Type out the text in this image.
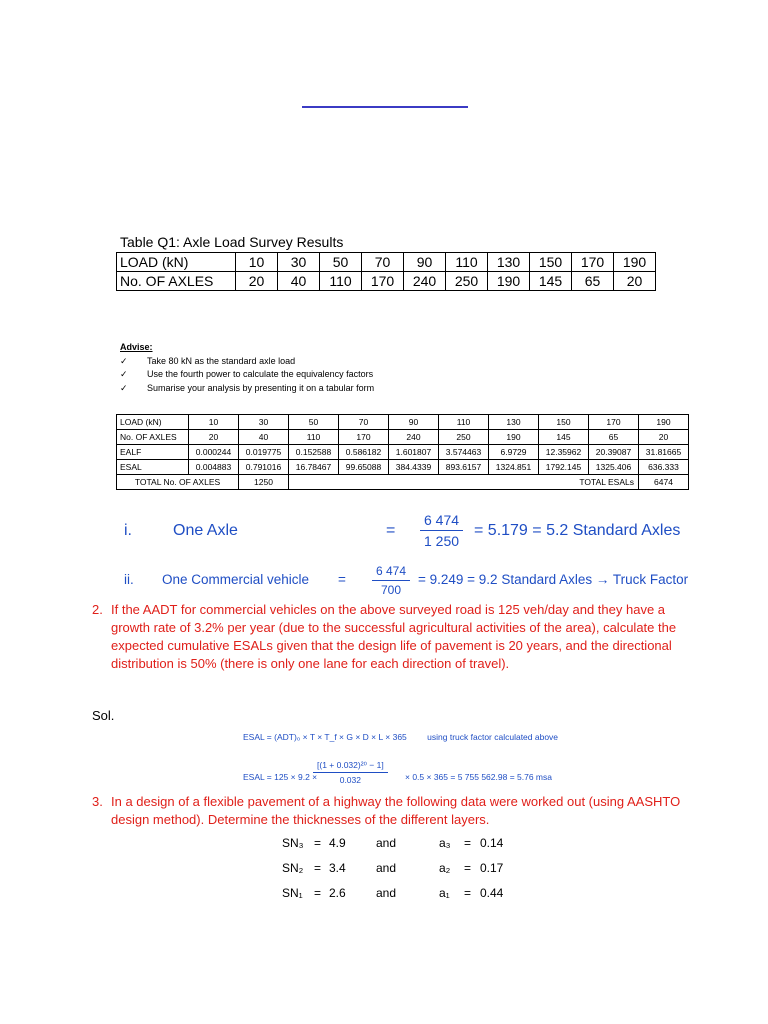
Table Q1: Axle Load Survey Results
LOAD (kN)	10	30	50	70	90	110	130	150	170	190
No. OF AXLES	20	40	110	170	240	250	190	145	65	20
Advise:
✓ Take 80 kN as the standard axle load
✓ Use the fourth power to calculate the equivalency factors
✓ Sumarise your analysis by presenting it on a tabular form
LOAD (kN)	10	30	50	70	90	110	130	150	170	190
No. OF AXLES	20	40	110	170	240	250	190	145	65	20
EALF	0.000244	0.019775	0.152588	0.586182	1.601807	3.574463	6.9729	12.35962	20.39087	31.81665
ESAL	0.004883	0.791016	16.78467	99.65088	384.4339	893.6157	1324.851	1792.145	1325.406	636.333
TOTAL No. OF AXLES		1250	TOTAL ESALs							6474
i.	One Axle	= $\frac{6 474}{1 250} = 5.179 = 5.2$ Standard Axles
ii. One Commercial vehicle = $\frac{6 474}{700} = 9.249 = 9.2$ Standard Axles → Truck Factor
2. If the AADT for commercial vehicles on the above surveyed road is 125 veh/day and they have a growth rate of 3.2% per year (due to the successful agricultural activities of the area), calculate the expected cumulative ESALs given that the design life of pavement is 20 years, and the directional distribution is 50% (there is only one lane for each direction of travel).
Sol.
ESAL = (ADT)₀ × T × T_f × G × D × L × 365 using truck factor calculated above
ESAL = 125 × 9.2 ×
$\frac{\text{[(1 + 0.032)²⁰ − 1]}}{0.032} \times 0.5 \times 365 = 5$ 755 562.98 = 5.76 msa
3. In a design of a flexible pavement of a highway the following data were worked out (using AASHTO design method). Determine the thicknesses of the different layers.
SN₃ = 4.9	and	a₃ = 0.14
SN₂ = 3.4	and	a₂ = 0.17
SN₁ = 2.6	and	a₁ = 0.44
